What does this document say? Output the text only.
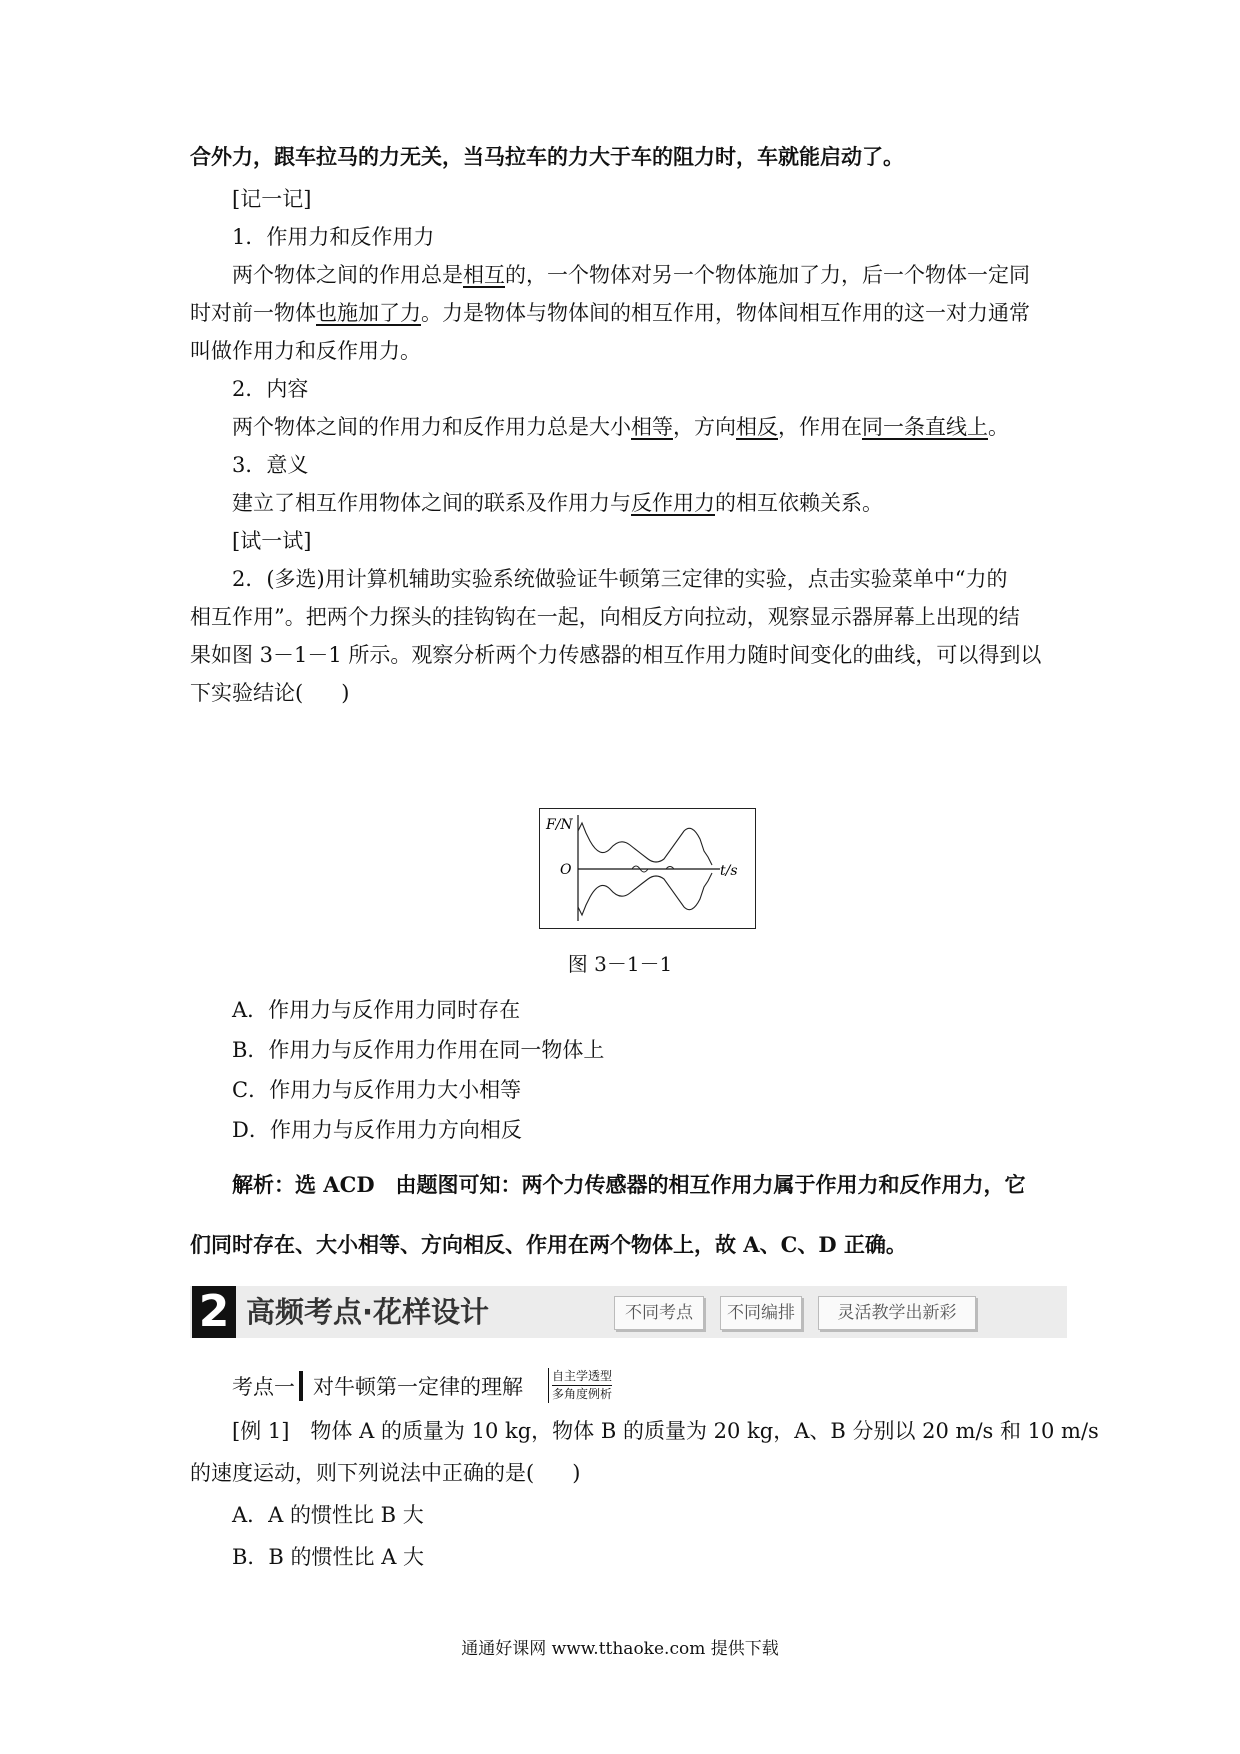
合外力，跟车拉马的力无关，当马拉车的力大于车的阻力时，车就能启动了。
[记一记]
1．作用力和反作用力
两个物体之间的作用总是相互的，一个物体对另一个物体施加了力，后一个物体一定同
时对前一物体也施加了力。力是物体与物体间的相互作用，物体间相互作用的这一对力通常
叫做作用力和反作用力。
2．内容
两个物体之间的作用力和反作用力总是大小相等，方向相反，作用在同一条直线上。
3．意义
建立了相互作用物体之间的联系及作用力与反作用力的相互依赖关系。
[试一试]
2．(多选)用计算机辅助实验系统做验证牛顿第三定律的实验，点击实验菜单中“力的
相互作用”。把两个力探头的挂钩钩在一起，向相反方向拉动，观察显示器屏幕上出现的结
果如图 3－1－1 所示。观察分析两个力传感器的相互作用力随时间变化的曲线，可以得到以
下实验结论( )
F/N
O	t/s
图 3－1－1
A．作用力与反作用力同时存在
B．作用力与反作用力作用在同一物体上
C．作用力与反作用力大小相等
D．作用力与反作用力方向相反
解析：选 ACD　由题图可知：两个力传感器的相互作用力属于作用力和反作用力，它
们同时存在、大小相等、方向相反、作用在两个物体上，故 A、C、D 正确。
2 高频考点·花样设计	不同考点	不同编排	灵活教学出新彩
考点一 对牛顿第一定律的理解 自主学透型
多角度例析
[例 1]　物体 A 的质量为 10 kg，物体 B 的质量为 20 kg，A、B 分别以 20 m/s 和 10 m/s
的速度运动，则下列说法中正确的是( )
A．A 的惯性比 B 大
B．B 的惯性比 A 大
通通好课网 www.tthaoke.com 提供下载
